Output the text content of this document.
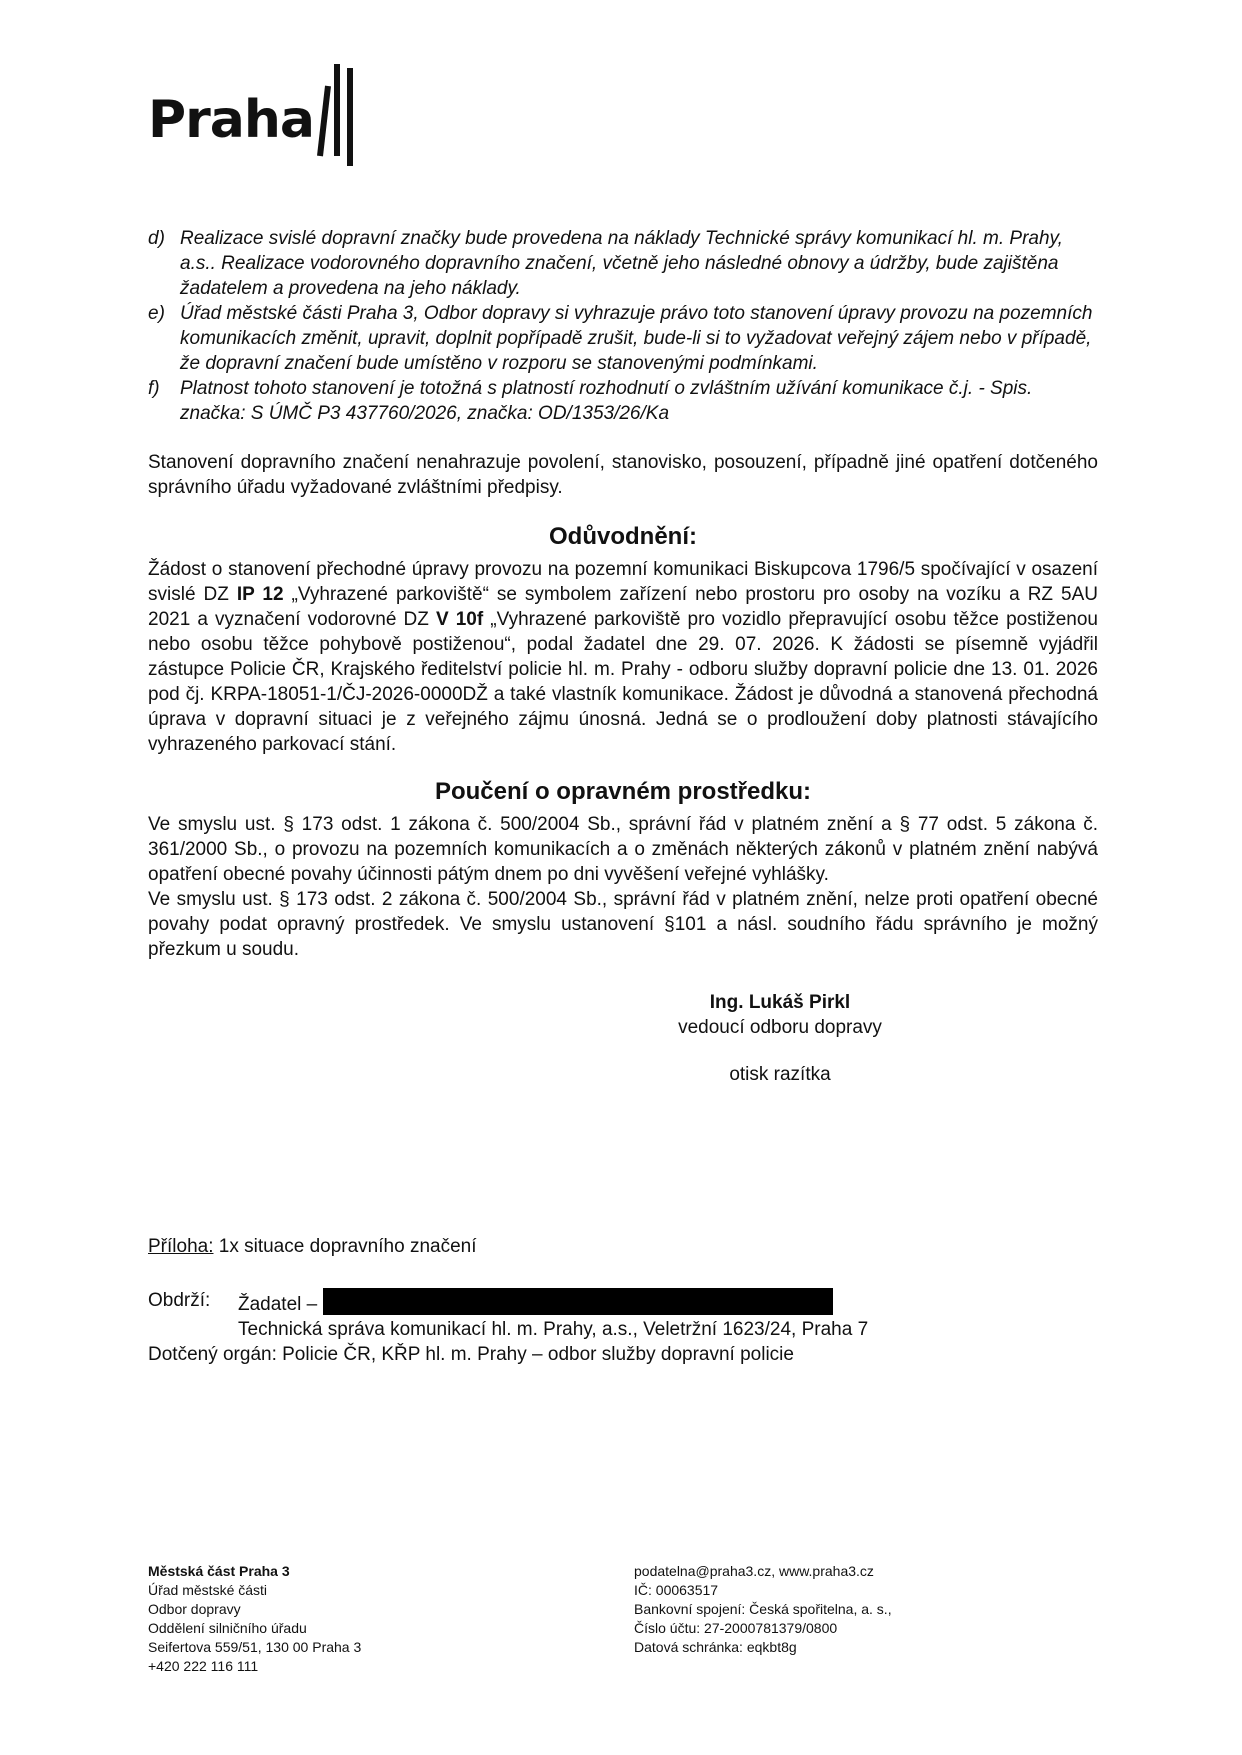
Praha
d) Realizace svislé dopravní značky bude provedena na náklady Technické správy komunikací hl. m. Prahy, a.s.. Realizace vodorovného dopravního značení, včetně jeho následné obnovy a údržby, bude zajištěna žadatelem a provedena na jeho náklady.
e) Úřad městské části Praha 3, Odbor dopravy si vyhrazuje právo toto stanovení úpravy provozu na pozemních komunikacích změnit, upravit, doplnit popřípadě zrušit, bude-li si to vyžadovat veřejný zájem nebo v případě, že dopravní značení bude umístěno v rozporu se stanovenými podmínkami.
f) Platnost tohoto stanovení je totožná s platností rozhodnutí o zvláštním užívání komunikace č.j. - Spis. značka: S ÚMČ P3 437760/2026, značka: OD/1353/26/Ka

Stanovení dopravního značení nenahrazuje povolení, stanovisko, posouzení, případně jiné opatření dotčeného správního úřadu vyžadované zvláštními předpisy.

Odůvodnění:

Žádost o stanovení přechodné úpravy provozu na pozemní komunikaci Biskupcova 1796/5 spočívající v osazení svislé DZ IP 12 „Vyhrazené parkoviště“ se symbolem zařízení nebo prostoru pro osoby na vozíku a RZ 5AU 2021 a vyznačení vodorovné DZ V 10f „Vyhrazené parkoviště pro vozidlo přepravující osobu těžce postiženou nebo osobu těžce pohybově postiženou“, podal žadatel dne 29. 07. 2026. K žádosti se písemně vyjádřil zástupce Policie ČR, Krajského ředitelství policie hl. m. Prahy - odboru služby dopravní policie dne 13. 01. 2026 pod čj. KRPA-18051-1/ČJ-2026-0000DŽ a také vlastník komunikace. Žádost je důvodná a stanovená přechodná úprava v dopravní situaci je z veřejného zájmu únosná. Jedná se o prodloužení doby platnosti stávajícího vyhrazeného parkovací stání.

Poučení o opravném prostředku:

Ve smyslu ust. § 173 odst. 1 zákona č. 500/2004 Sb., správní řád v platném znění a § 77 odst. 5 zákona č. 361/2000 Sb., o provozu na pozemních komunikacích a o změnách některých zákonů v platném znění nabývá opatření obecné povahy účinnosti pátým dnem po dni vyvěšení veřejné vyhlášky.

Ve smyslu ust. § 173 odst. 2 zákona č. 500/2004 Sb., správní řád v platném znění, nelze proti opatření obecné povahy podat opravný prostředek. Ve smyslu ustanovení §101 a násl. soudního řádu správního je možný přezkum u soudu.

Ing. Lukáš Pirkl
vedoucí odboru dopravy
otisk razítka
Příloha: 1x situace dopravního značení
Obdrží:	Žadatel –
Technická správa komunikací hl. m. Prahy, a.s., Veletržní 1623/24, Praha 7
Dotčený orgán: Policie ČR, KŘP hl. m. Prahy – odbor služby dopravní policie
Městská část Praha 3
Úřad městské části
Odbor dopravy
Oddělení silničního úřadu
Seifertova 559/51, 130 00 Praha 3
+420 222 116 111
podatelna@praha3.cz, www.praha3.cz
IČ: 00063517
Bankovní spojení: Česká spořitelna, a. s.,
Číslo účtu: 27-2000781379/0800
Datová schránka: eqkbt8g
